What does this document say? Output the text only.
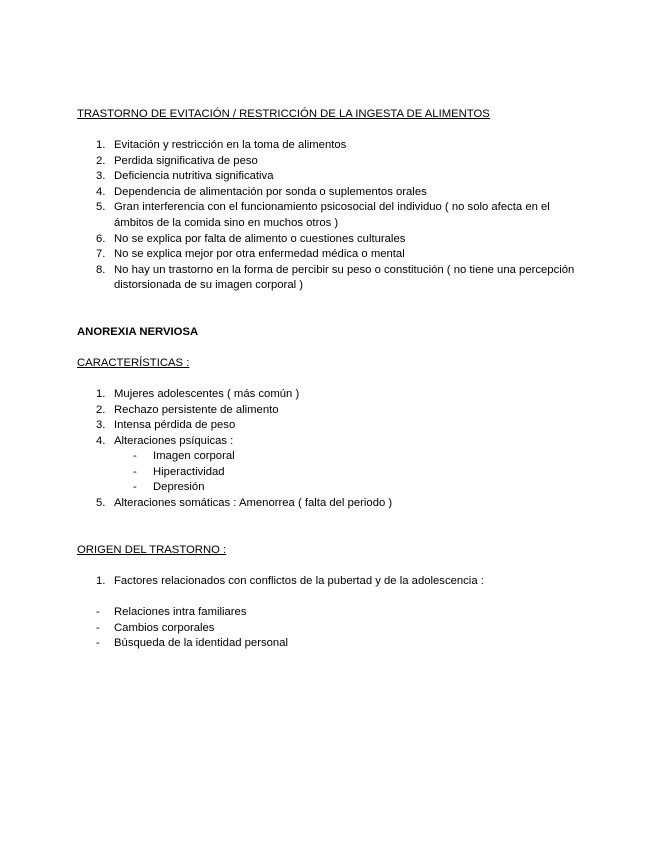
TRASTORNO DE EVITACIÓN / RESTRICCIÓN DE LA INGESTA DE ALIMENTOS
1. Evitación y restricción en la toma de alimentos
2. Perdida significativa de peso
3. Deficiencia nutritiva significativa
4. Dependencia de alimentación por sonda o suplementos orales
5. Gran interferencia con el funcionamiento psicosocial del individuo ( no solo afecta en el ámbitos de la comida sino en muchos otros )
6. No se explica por falta de alimento o cuestiones culturales
7. No se explica mejor por otra enfermedad médica o mental
8. No hay un trastorno en la forma de percibir su peso o constitución ( no tiene una percepción distorsionada de su imagen corporal )
ANOREXIA NERVIOSA
CARACTERÍSTICAS :
1. Mujeres adolescentes ( más común )
2. Rechazo persistente de alimento
3. Intensa pérdida de peso
4. Alteraciones psíquicas :
- Imagen corporal
- Hiperactividad
- Depresión
5. Alteraciones somáticas : Amenorrea ( falta del periodo )
ORIGEN DEL TRASTORNO :
1. Factores relacionados con conflictos de la pubertad y de la adolescencia :
- Relaciones intra familiares
- Cambios corporales
- Búsqueda de la identidad personal
